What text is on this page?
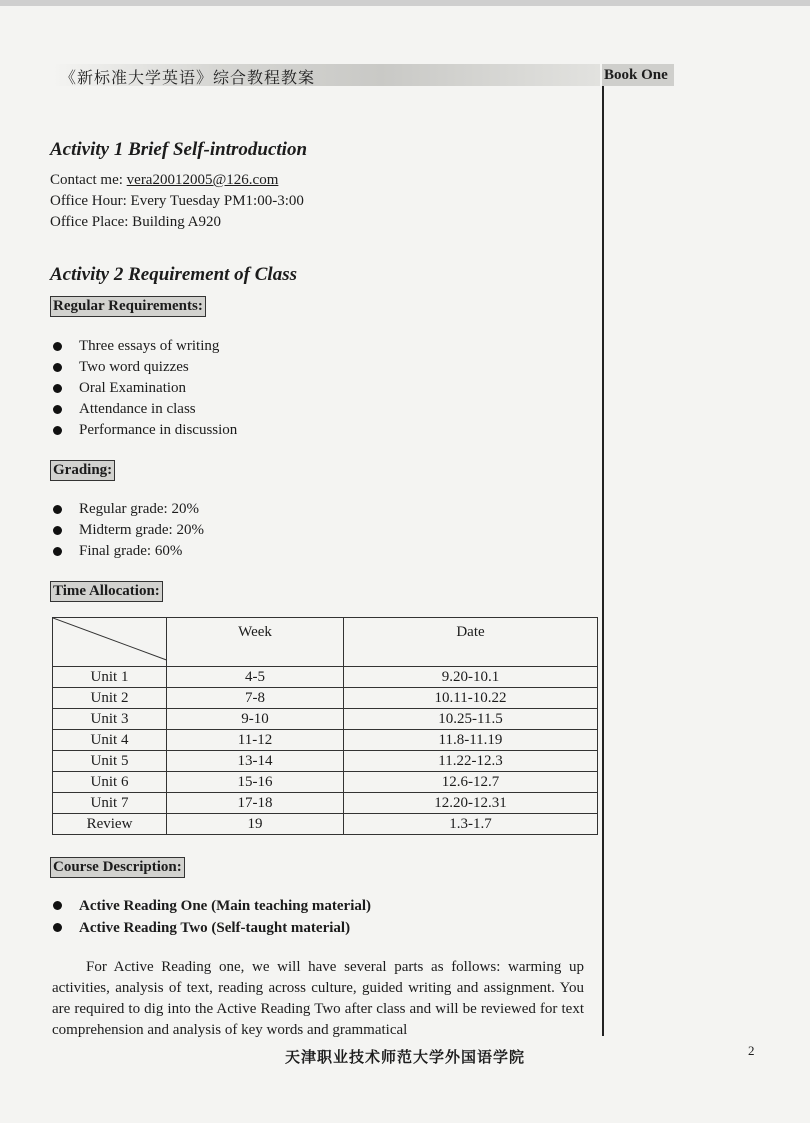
《新标准大学英语》综合教程教案	Book One
Activity 1 Brief Self-introduction

Contact me: vera20012005@126.com

Office Hour: Every Tuesday PM1:00-3:00

Office Place: Building A920

Activity 2 Requirement of Class
Regular Requirements:
Three essays of writing
Two word quizzes
Oral Examination
Attendance in class
Performance in discussion
Grading:
Regular grade: 20%
Midterm grade: 20%
Final grade: 60%
Time Allocation:
	Week	Date
Unit 1	4-5	9.20-10.1
Unit 2	7-8	10.11-10.22
Unit 3	9-10	10.25-11.5
Unit 4	11-12	11.8-11.19
Unit 5	13-14	11.22-12.3
Unit 6	15-16	12.6-12.7
Unit 7	17-18	12.20-12.31
Review	19	1.3-1.7
Course Description:
Active Reading One (Main teaching material)
Active Reading Two (Self-taught material)

For Active Reading one, we will have several parts as follows: warming up activities, analysis of text, reading across culture, guided writing and assignment. You are required to dig into the Active Reading Two after class and will be reviewed for text comprehension and analysis of key words and grammatical

天津职业技术师范大学外国语学院	2
